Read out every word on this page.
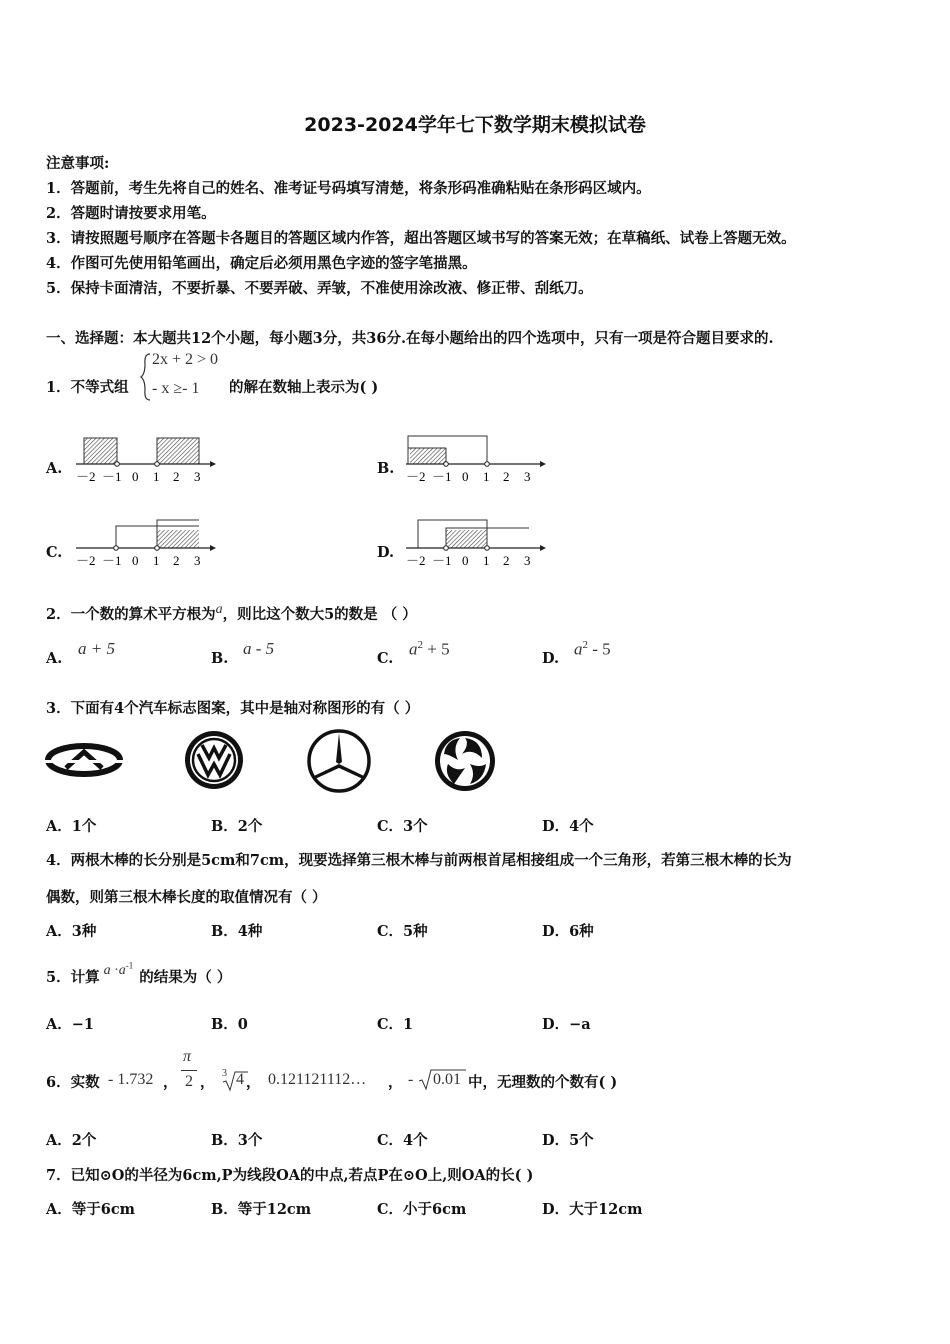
2023-2024学年七下数学期末模拟试卷
注意事项:
1．答题前，考生先将自己的姓名、准考证号码填写清楚，将条形码准确粘贴在条形码区域内。
2．答题时请按要求用笔。
3．请按照题号顺序在答题卡各题目的答题区域内作答，超出答题区域书写的答案无效；在草稿纸、试卷上答题无效。
4．作图可先使用铅笔画出，确定后必须用黑色字迹的签字笔描黑。
5．保持卡面清洁，不要折暴、不要弄破、弄皱，不准使用涂改液、修正带、刮纸刀。
一、选择题：本大题共12个小题，每小题3分，共36分.在每小题给出的四个选项中，只有一项是符合题目要求的.
1．不等式组
2x + 2 > 0
- x ≥- 1 的解在数轴上表示为( )
A.	B.
C.	D.
－2 －1 0 1 2 3	－2 －1 0 1 2 3
－2 －1 0 1 2 3	－2 －1 0 1 2 3
2．一个数的算术平方根为a，则比这个数大5的数是 （ ）
A.
a + 5
B.
a - 5
C. $a^2 + 5$	D. $a^2 - 5$
3．下面有4个汽车标志图案，其中是轴对称图形的有（ ）
A．1个	B．2个	C．3个	D．4个
4．两根木棒的长分别是5cm和7cm，现要选择第三根木棒与前两根首尾相接组成一个三角形，若第三根木棒的长为
偶数，则第三根木棒长度的取值情况有（ ）
A．3种	B．4种	C．5种	D．6种
5．计算 $a \cdot a^{-1}$的结果为（ ）
A．−1	B．0	C．1	D．−a
6．实数 - 1.732 ，
π
2 ，
3 4 ， 0.121121112… ， - 0.01 中，无理数的个数有( )
A．2个	B．3个	C．4个	D．5个
7．已知⊙O的半径为6cm,P为线段OA的中点,若点P在⊙O上,则OA的长( )
A．等于6cm	B．等于12cm	C．小于6cm	D．大于12cm
